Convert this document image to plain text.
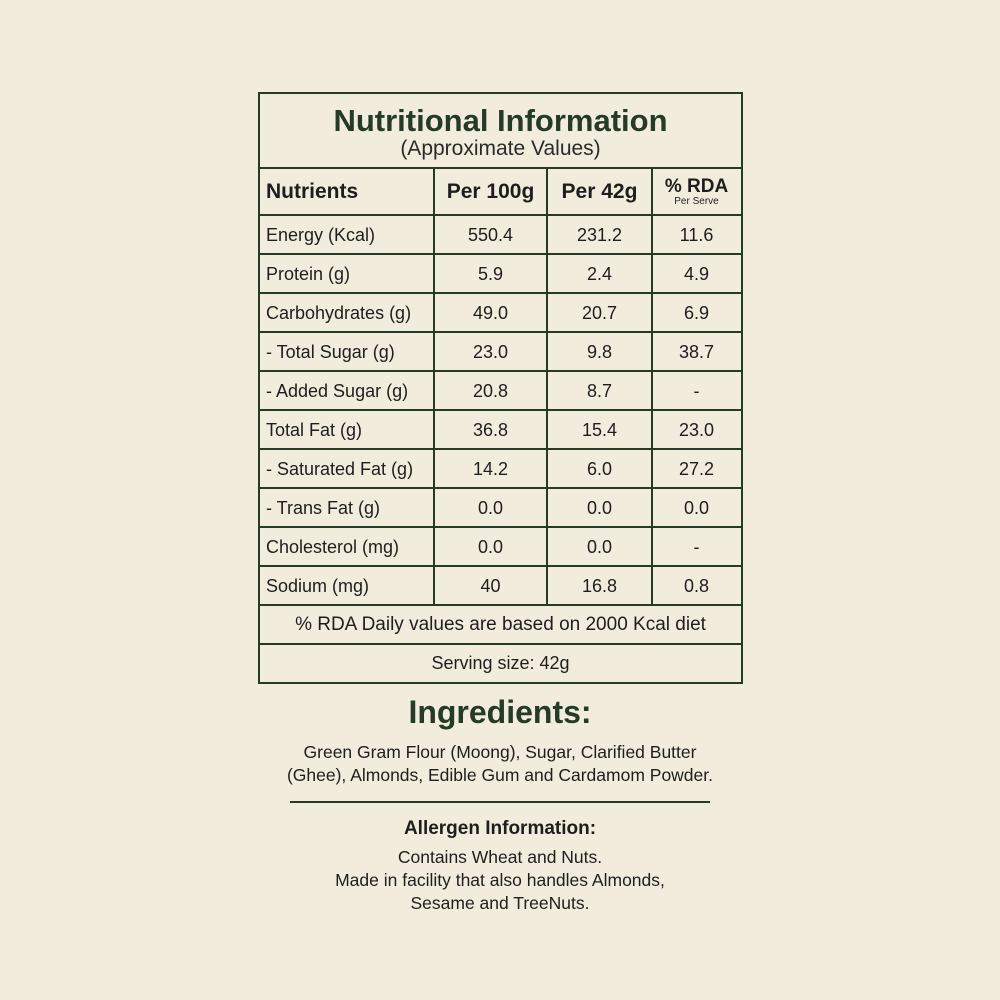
Nutritional Information
(Approximate Values)
Nutrients	Per 100g	Per 42g	% RDA
Per Serve
Energy (Kcal)	550.4	231.2	11.6
Protein (g)	5.9	2.4	4.9
Carbohydrates (g)	49.0	20.7	6.9
- Total Sugar (g)	23.0	9.8	38.7
- Added Sugar (g)	20.8	8.7	-
Total Fat (g)	36.8	15.4	23.0
- Saturated Fat (g)	14.2	6.0	27.2
- Trans Fat (g)	0.0	0.0	0.0
Cholesterol (mg)	0.0	0.0	-
Sodium (mg)	40	16.8	0.8
% RDA Daily values are based on 2000 Kcal diet
Serving size: 42g
Ingredients:
Green Gram Flour (Moong), Sugar, Clarified Butter
(Ghee), Almonds, Edible Gum and Cardamom Powder.
Allergen Information:
Contains Wheat and Nuts.
Made in facility that also handles Almonds,
Sesame and TreeNuts.
